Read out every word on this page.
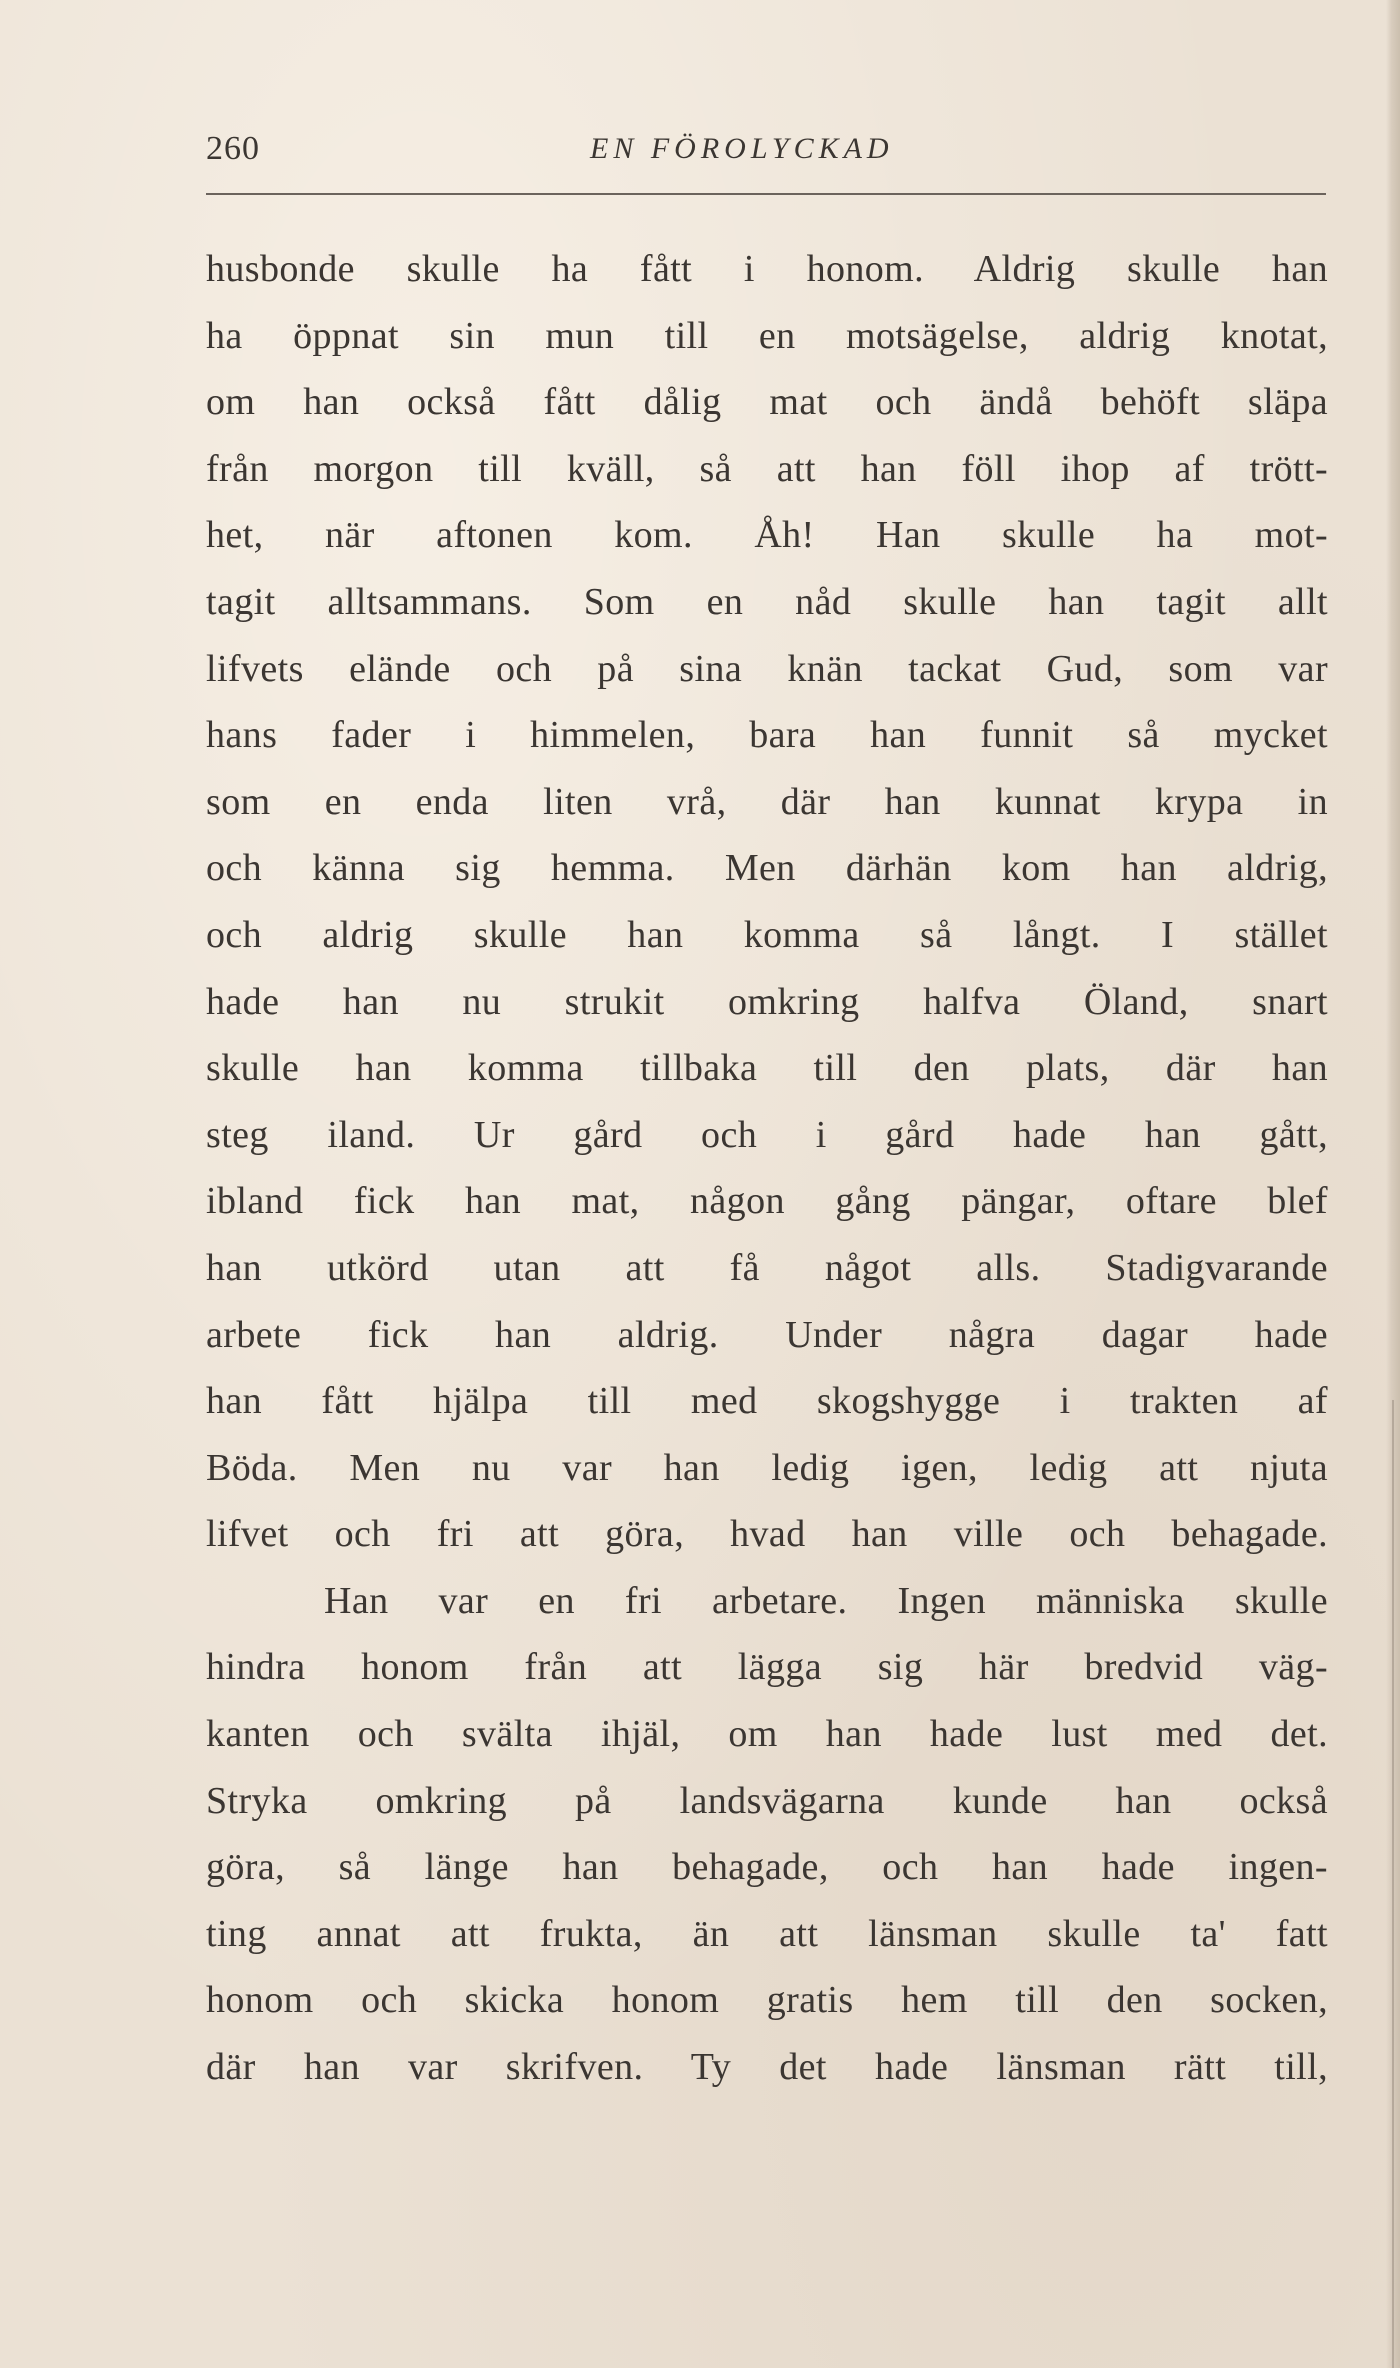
260	EN FÖROLYCKAD
husbonde skulle ha fått i honom. Aldrig skulle han
ha öppnat sin mun till en motsägelse, aldrig knotat,
om han också fått dålig mat och ändå behöft släpa
från morgon till kväll, så att han föll ihop af trött-
het, när aftonen kom. Åh! Han skulle ha mot-
tagit alltsammans. Som en nåd skulle han tagit allt
lifvets elände och på sina knän tackat Gud, som var
hans fader i himmelen, bara han funnit så mycket
som en enda liten vrå, där han kunnat krypa in
och känna sig hemma. Men därhän kom han aldrig,
och aldrig skulle han komma så långt. I stället
hade han nu strukit omkring halfva Öland, snart
skulle han komma tillbaka till den plats, där han
steg iland. Ur gård och i gård hade han gått,
ibland fick han mat, någon gång pängar, oftare blef
han utkörd utan att få något alls. Stadigvarande
arbete fick han aldrig. Under några dagar hade
han fått hjälpa till med skogshygge i trakten af
Böda. Men nu var han ledig igen, ledig att njuta
lifvet och fri att göra, hvad han ville och behagade.
Han var en fri arbetare. Ingen människa skulle
hindra honom från att lägga sig här bredvid väg-
kanten och svälta ihjäl, om han hade lust med det.
Stryka omkring på landsvägarna kunde han också
göra, så länge han behagade, och han hade ingen-
ting annat att frukta, än att länsman skulle ta' fatt
honom och skicka honom gratis hem till den socken,
där han var skrifven. Ty det hade länsman rätt till,
